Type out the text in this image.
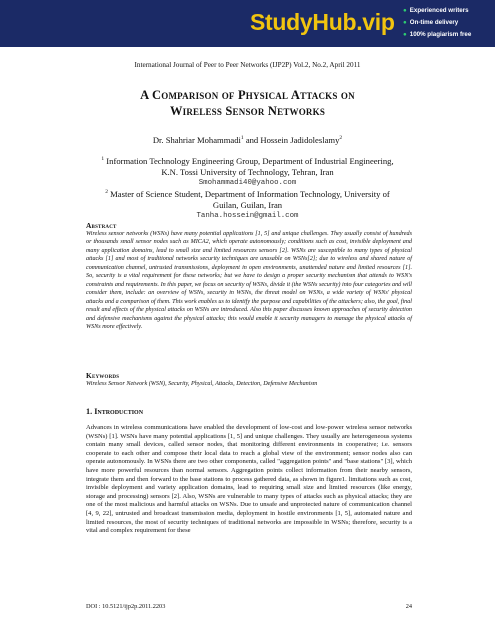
StudyHub.vip ● Experienced writers
● On-time delivery
● 100% plagiarism free
International Journal of Peer to Peer Networks (IJP2P) Vol.2, No.2, April 2011
A Comparison of Physical Attacks on
Wireless Sensor Networks
Dr. Shahriar Mohammadi$^1$ and Hossein Jadidoleslamy$^2$
$^1$ Information Technology Engineering Group, Department of Industrial Engineering,
K.N. Tossi University of Technology, Tehran, Iran
Smohammadi40@yahoo.com
$^2$ Master of Science Student, Department of Information Technology, University of
Guilan, Guilan, Iran
Tanha.hossein@gmail.com
Abstract

Wireless sensor networks (WSNs) have many potential applications [1, 5] and unique challenges. They usually consist of hundreds or thousands small sensor nodes such as MICA2, which operate autonomously; conditions such as cost, invisible deployment and many application domains, lead to small size and limited resources sensors [2]. WSNs are susceptible to many types of physical attacks [1] and most of traditional networks security techniques are unusable on WSNs[2]; due to wireless and shared nature of communication channel, untrusted transmissions, deployment in open environments, unattended nature and limited resources [1]. So, security is a vital requirement for these networks; but we have to design a proper security mechanism that attends to WSN's constraints and requirements. In this paper, we focus on security of WSNs, divide it (the WSNs security) into four categories and will consider them, include: an overview of WSNs, security in WSNs, the threat model on WSNs, a wide variety of WSNs' physical attacks and a comparison of them. This work enables us to identify the purpose and capabilities of the attackers; also, the goal, final result and effects of the physical attacks on WSNs are introduced. Also this paper discusses known approaches of security detection and defensive mechanisms against the physical attacks; this would enable it security managers to manage the physical attacks of WSNs more effectively.

Keywords
Wireless Sensor Network (WSN), Security, Physical, Attacks, Detection, Defensive Mechanism
1. Introduction

Advances in wireless communications have enabled the development of low-cost and low-power wireless sensor networks (WSNs) [1]. WSNs have many potential applications [1, 5] and unique challenges. They usually are heterogeneous systems contain many small devices, called sensor nodes, that monitoring different environments in cooperative; i.e. sensors cooperate to each other and compose their local data to reach a global view of the environment; sensor nodes also can operate autonomously. In WSNs there are two other components, called "aggregation points" and "base stations" [3], which have more powerful resources than normal sensors. Aggregation points collect information from their nearby sensors, integrate them and then forward to the base stations to process gathered data, as shown in figure1. limitations such as cost, invisible deployment and variety application domains, lead to requiring small size and limited resources (like energy, storage and processing) sensors [2]. Also, WSNs are vulnerable to many types of attacks such as physical attacks; they are one of the most malicious and harmful attacks on WSNs. Due to unsafe and unprotected nature of communication channel [4, 9, 22], untrusted and broadcast transmission media, deployment in hostile environments [1, 5], automated nature and limited resources, the most of security techniques of traditional networks are impossible in WSNs; therefore, security is a vital and complex requirement for these

DOI : 10.5121/ijp2p.2011.2203	24
